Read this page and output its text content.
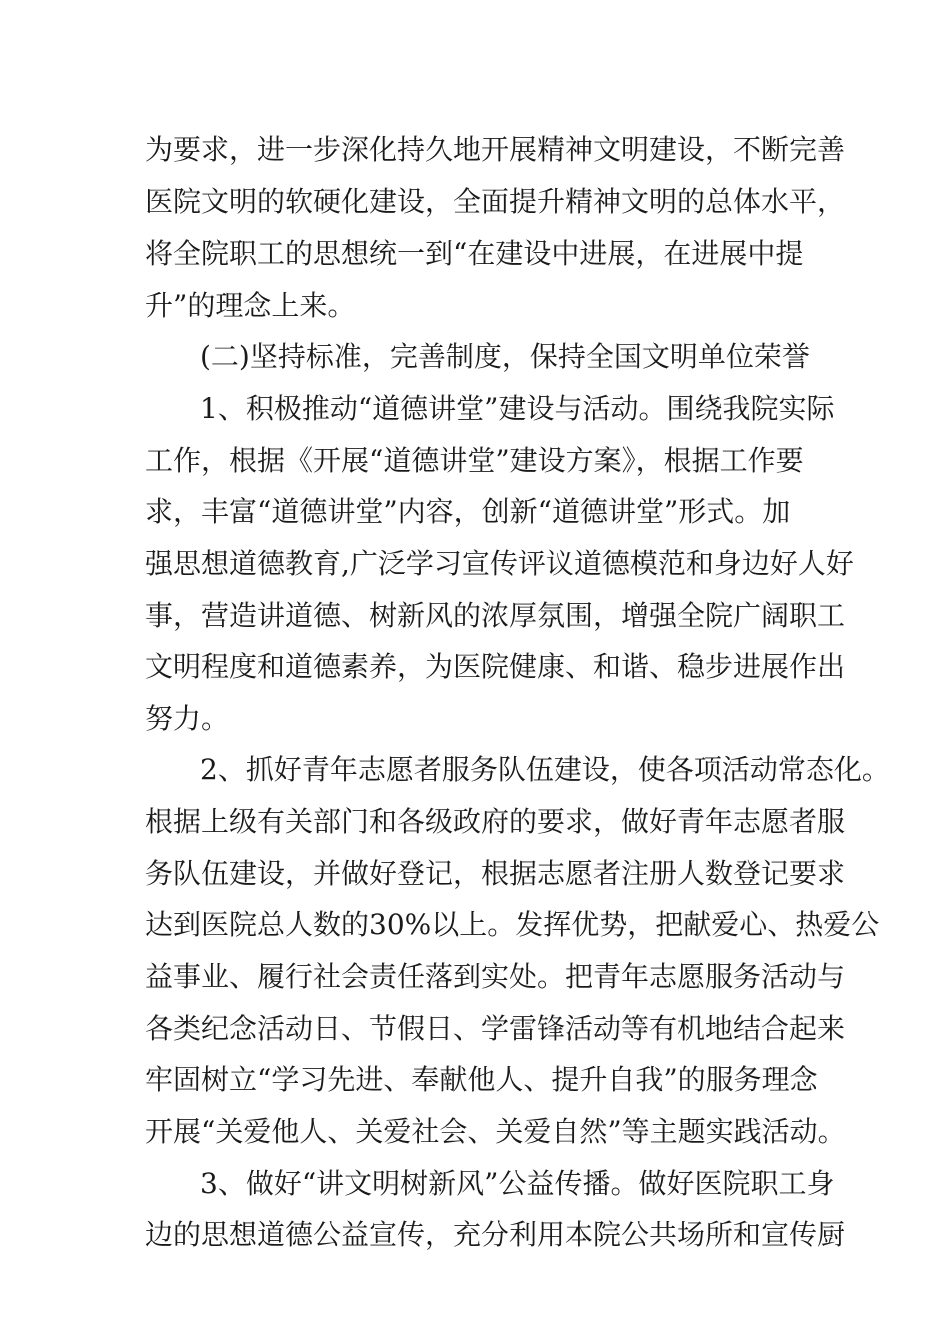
为要求，进一步深化持久地开展精神文明建设，不断完善
医院文明的软硬化建设，全面提升精神文明的总体水平，
将全院职工的思想统一到“在建设中进展，在进展中提
升”的理念上来。
(二)坚持标准，完善制度，保持全国文明单位荣誉
1、积极推动“道德讲堂”建设与活动。围绕我院实际
工作，根据《开展“道德讲堂”建设方案》，根据工作要
求，丰富“道德讲堂”内容，创新“道德讲堂”形式。加
强思想道德教育,广泛学习宣传评议道德模范和身边好人好
事，营造讲道德、树新风的浓厚氛围，增强全院广阔职工
文明程度和道德素养，为医院健康、和谐、稳步进展作出
努力。
2、抓好青年志愿者服务队伍建设，使各项活动常态化。
根据上级有关部门和各级政府的要求，做好青年志愿者服
务队伍建设，并做好登记，根据志愿者注册人数登记要求
达到医院总人数的30%以上。发挥优势，把献爱心、热爱公
益事业、履行社会责任落到实处。把青年志愿服务活动与
各类纪念活动日、节假日、学雷锋活动等有机地结合起来
牢固树立“学习先进、奉献他人、提升自我”的服务理念
开展“关爱他人、关爱社会、关爱自然”等主题实践活动。
3、做好“讲文明树新风”公益传播。做好医院职工身
边的思想道德公益宣传，充分利用本院公共场所和宣传厨
